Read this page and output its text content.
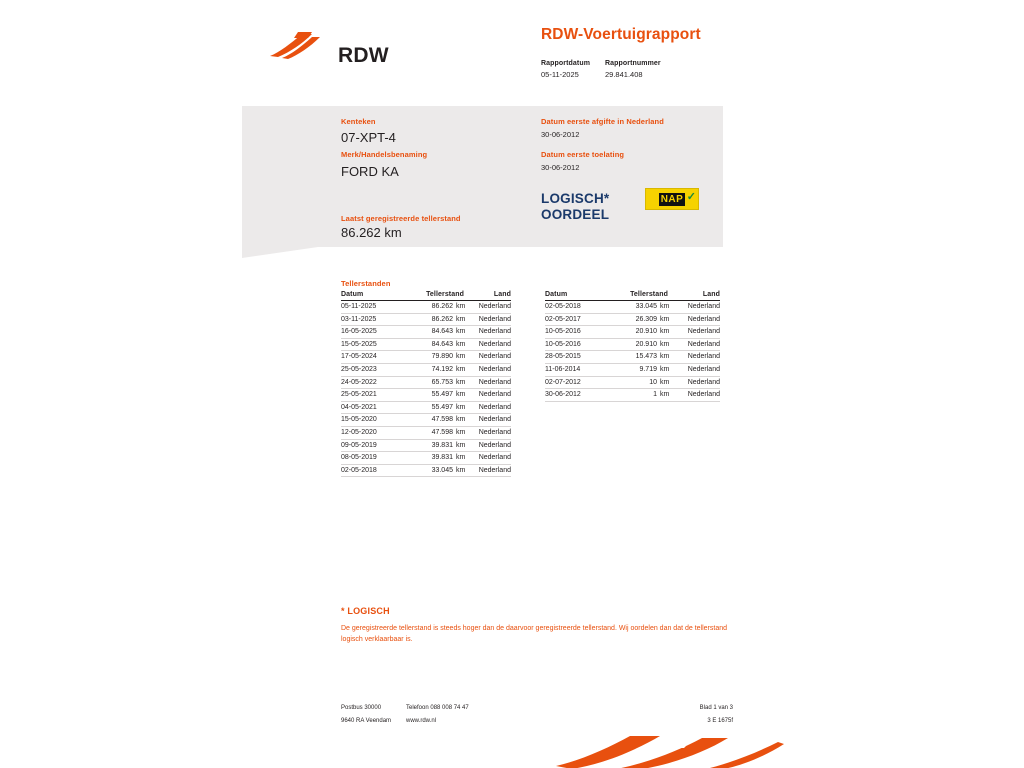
RDW
RDW-Voertuigrapport
Rapportdatum
05-11-2025
Rapportnummer
29.841.408
Kenteken
07-XPT-4
Merk/Handelsbenaming
FORD KA
Laatst geregistreerde tellerstand
86.262 km
Datum eerste afgifte in Nederland
30-06-2012
Datum eerste toelating
30-06-2012
LOGISCH*
OORDEEL
NAP ✓
Tellerstanden
Datum	Tellerstand		Land
05-11-2025	86.262	km	Nederland
03-11-2025	86.262	km	Nederland
16-05-2025	84.643	km	Nederland
15-05-2025	84.643	km	Nederland
17-05-2024	79.890	km	Nederland
25-05-2023	74.192	km	Nederland
24-05-2022	65.753	km	Nederland
25-05-2021	55.497	km	Nederland
04-05-2021	55.497	km	Nederland
15-05-2020	47.598	km	Nederland
12-05-2020	47.598	km	Nederland
09-05-2019	39.831	km	Nederland
08-05-2019	39.831	km	Nederland
02-05-2018	33.045	km	Nederland
Datum	Tellerstand		Land
02-05-2018	33.045	km	Nederland
02-05-2017	26.309	km	Nederland
10-05-2016	20.910	km	Nederland
10-05-2016	20.910	km	Nederland
28-05-2015	15.473	km	Nederland
11-06-2014	9.719	km	Nederland
02-07-2012	10	km	Nederland
30-06-2012	1	km	Nederland
* LOGISCH
De geregistreerde tellerstand is steeds hoger dan de daarvoor geregistreerde tellerstand. Wij oordelen dan dat de tellerstand logisch verklaarbaar is.
Postbus 30000
9640 RA Veendam
Telefoon 088 008 74 47
www.rdw.nl
Blad 1 van 3
3 E 1675f
